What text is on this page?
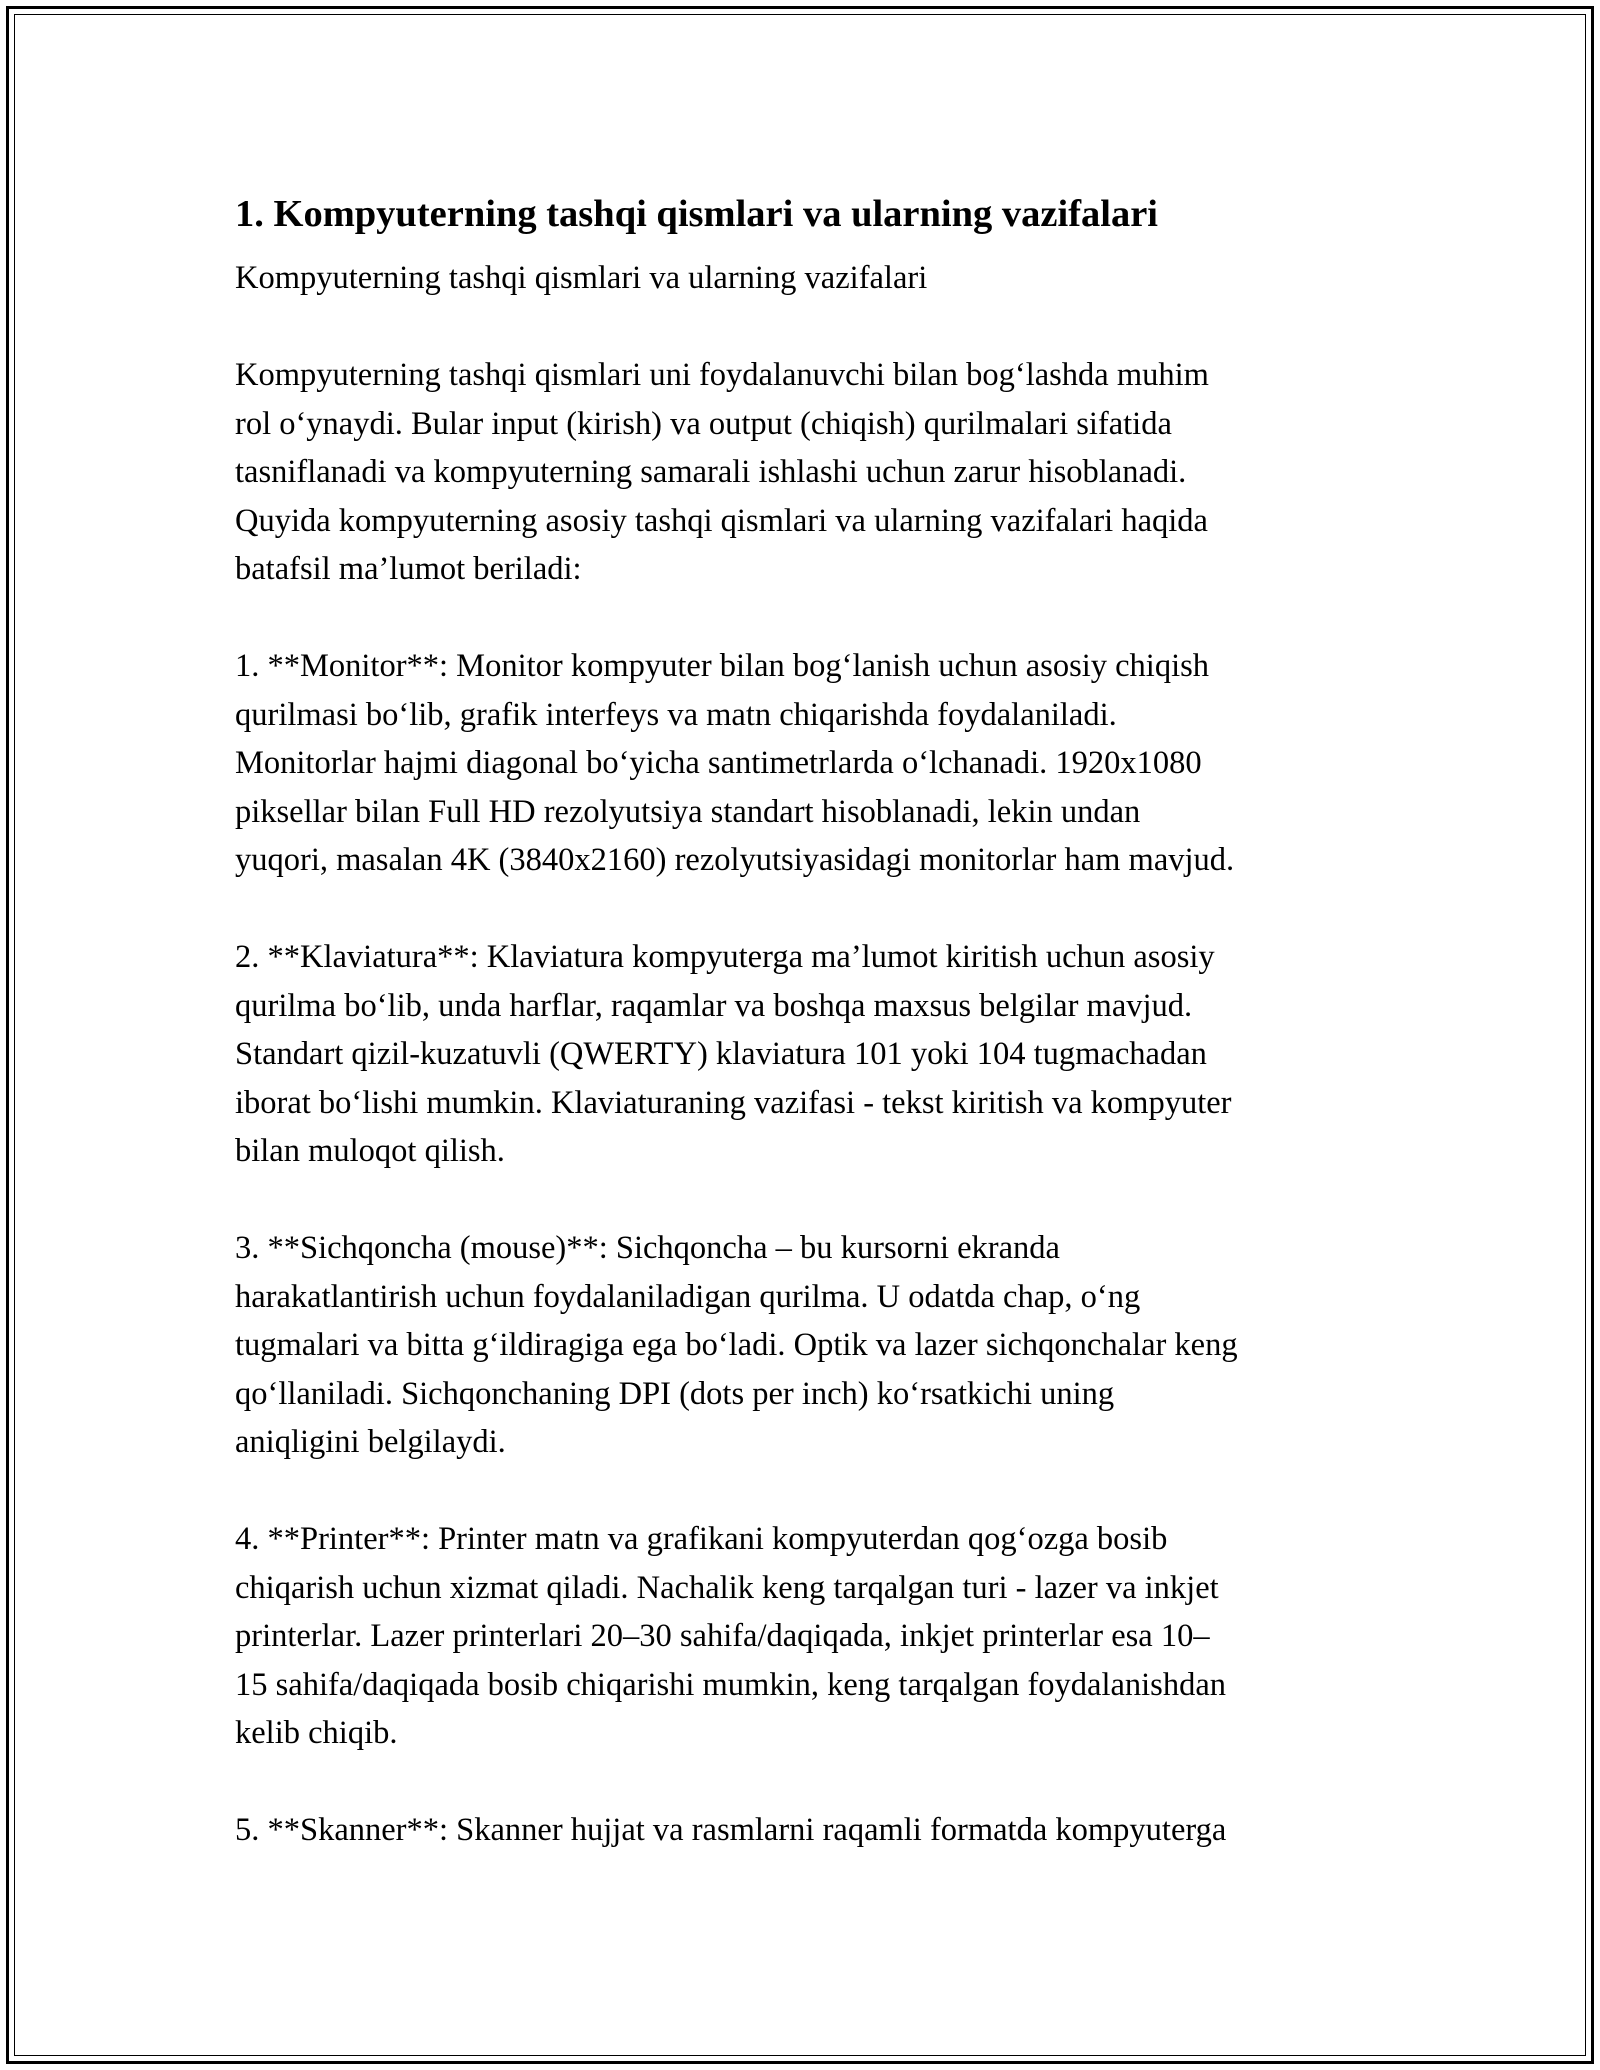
1. Kompyuterning tashqi qismlari va ularning vazifalari

Kompyuterning tashqi qismlari va ularning vazifalari

Kompyuterning tashqi qismlari uni foydalanuvchi bilan bog‘lashda muhim
rol o‘ynaydi. Bular input (kirish) va output (chiqish) qurilmalari sifatida
tasniflanadi va kompyuterning samarali ishlashi uchun zarur hisoblanadi.
Quyida kompyuterning asosiy tashqi qismlari va ularning vazifalari haqida
batafsil ma’lumot beriladi:

1. **Monitor**: Monitor kompyuter bilan bog‘lanish uchun asosiy chiqish
qurilmasi bo‘lib, grafik interfeys va matn chiqarishda foydalaniladi.
Monitorlar hajmi diagonal bo‘yicha santimetrlarda o‘lchanadi. 1920x1080
piksellar bilan Full HD rezolyutsiya standart hisoblanadi, lekin undan
yuqori, masalan 4K (3840x2160) rezolyutsiyasidagi monitorlar ham mavjud.

2. **Klaviatura**: Klaviatura kompyuterga ma’lumot kiritish uchun asosiy
qurilma bo‘lib, unda harflar, raqamlar va boshqa maxsus belgilar mavjud.
Standart qizil-kuzatuvli (QWERTY) klaviatura 101 yoki 104 tugmachadan
iborat bo‘lishi mumkin. Klaviaturaning vazifasi - tekst kiritish va kompyuter
bilan muloqot qilish.

3. **Sichqoncha (mouse)**: Sichqoncha – bu kursorni ekranda
harakatlantirish uchun foydalaniladigan qurilma. U odatda chap, o‘ng
tugmalari va bitta g‘ildiragiga ega bo‘ladi. Optik va lazer sichqonchalar keng
qo‘llaniladi. Sichqonchaning DPI (dots per inch) ko‘rsatkichi uning
aniqligini belgilaydi.

4. **Printer**: Printer matn va grafikani kompyuterdan qog‘ozga bosib
chiqarish uchun xizmat qiladi. Nachalik keng tarqalgan turi - lazer va inkjet
printerlar. Lazer printerlari 20–30 sahifa/daqiqada, inkjet printerlar esa 10–
15 sahifa/daqiqada bosib chiqarishi mumkin, keng tarqalgan foydalanishdan
kelib chiqib.

5. **Skanner**: Skanner hujjat va rasmlarni raqamli formatda kompyuterga
